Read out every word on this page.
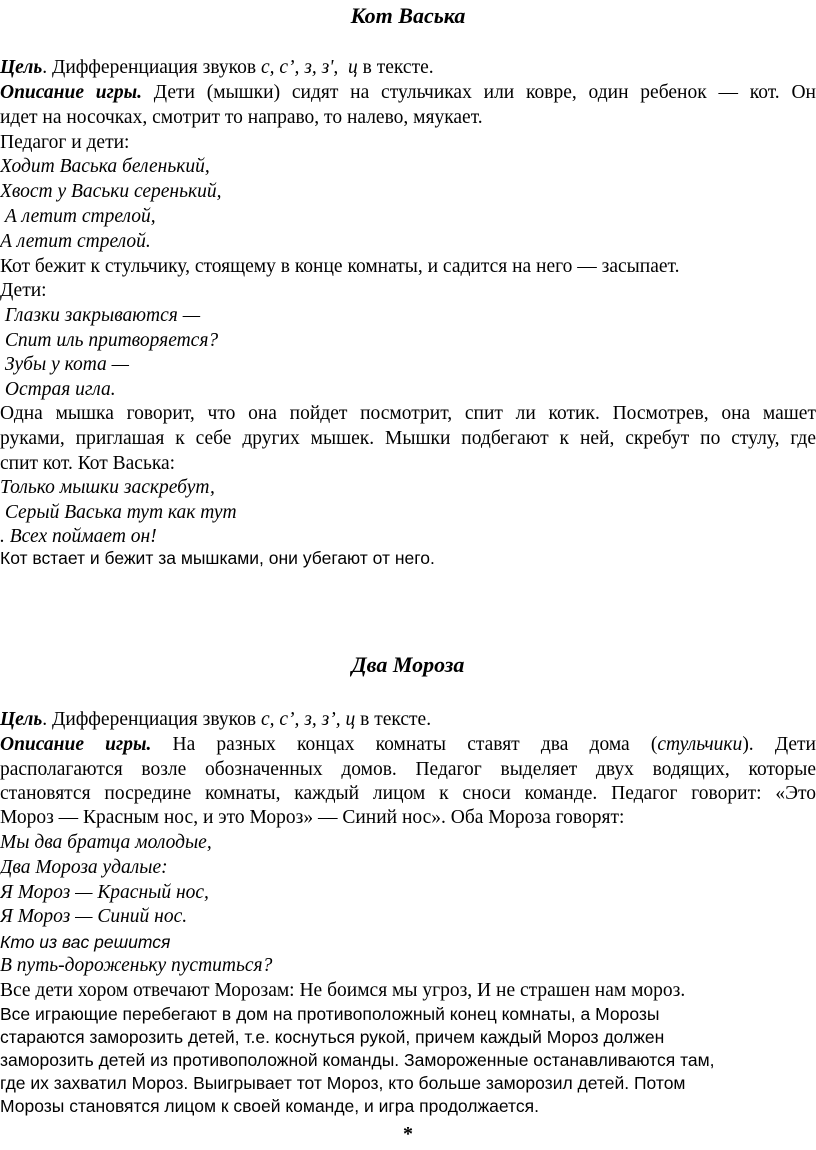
Кот Васька
Цель. Дифференциация звуков с, с’, з, з',  ц в тексте.
Описание игры. Дети (мышки) сидят на стульчиках или ковре, один ребенок — кот. Он
идет на носочках, смотрит то направо, то налево, мяукает.
Педагог и дети:
Ходит Васька беленький,
Хвост у Васьки серенький,
А летит стрелой,
А летит стрелой.
Кот бежит к стульчику, стоящему в конце комнаты, и садится на него — засыпает.
Дети:
Глазки закрываются —
Спит иль притворяется?
Зубы у кота —
Острая игла.
Одна мышка говорит, что она пойдет посмотрит, спит ли котик. Посмотрев, она машет
руками, приглашая к себе других мышек. Мышки подбегают к ней, скребут по стулу, где
спит кот. Кот Васька:
Только мышки заскребут,
Серый Васька тут как тут
. Всех поймает он!
Кот встает и бежит за мышками, они убегают от него.
Два Мороза
Цель. Дифференциация звуков с, с’, з, з’, ц в тексте.
Описание игры. На разных концах комнаты ставят два дома (стульчики). Дети
располагаются возле обозначенных домов. Педагог выделяет двух водящих, которые
становятся посредине комнаты, каждый лицом к сноси команде. Педагог говорит: «Это
Мороз — Красным нос, и это Мороз» — Синий нос». Оба Мороза говорят:
Мы два братца молодые,
Два Мороза удалые:
Я Мороз — Красный нос,
Я Мороз — Синий нос.
Кто из вас решится
В путь-дороженьку пуститься?
Все дети хором отвечают Морозам: Не боимся мы угроз, И не страшен нам мороз.
Все играющие перебегают в дом на противоположный конец комнаты, а Морозы
стараются заморозить детей, т.е. коснуться рукой, причем каждый Мороз должен
заморозить детей из противоположной команды. Замороженные останавливаются там,
где их захватил Мороз. Выигрывает тот Мороз, кто больше заморозил детей. Потом
Морозы становятся лицом к своей команде, и игра продолжается.
*
